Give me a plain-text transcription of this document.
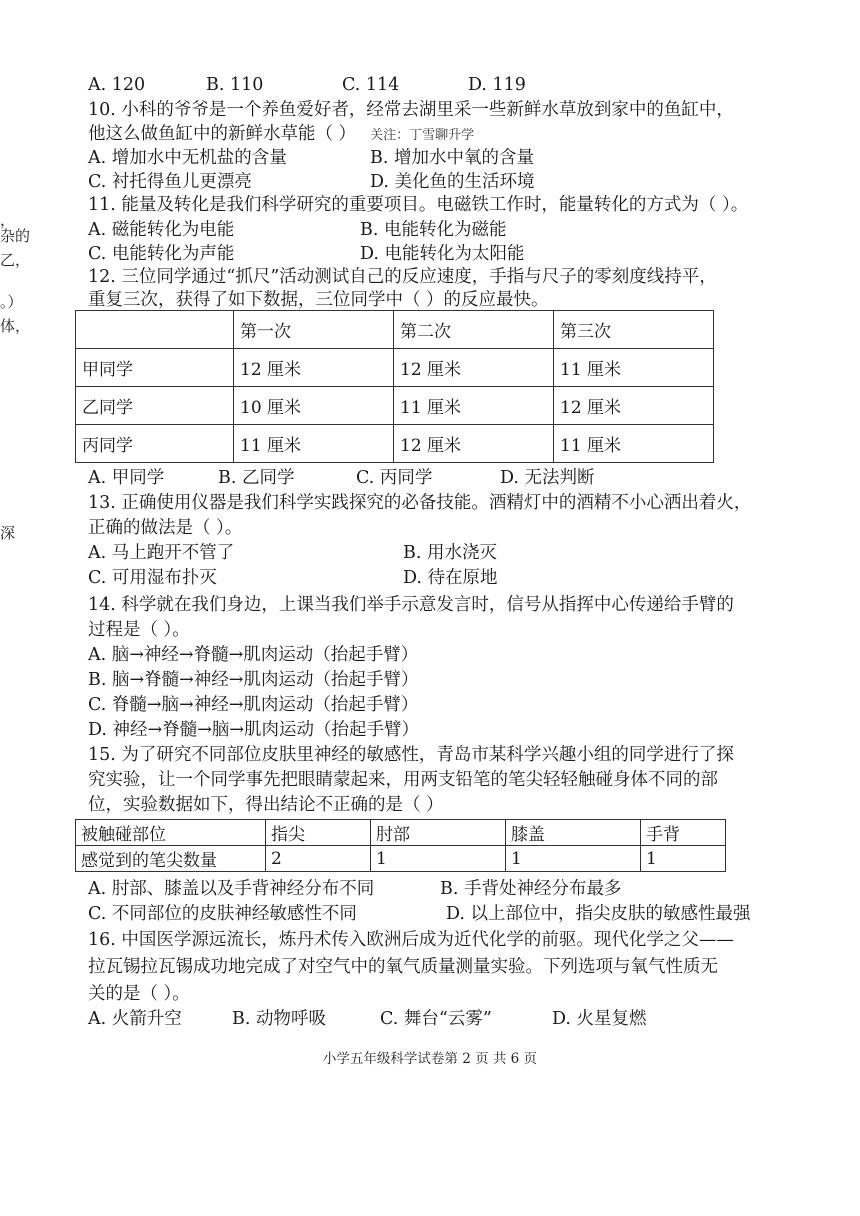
，
杂的
乙，
。）
体，
深
A. 120	B. 110	C. 114	D. 119
10. 小科的爷爷是一个养鱼爱好者，经常去湖里采一些新鲜水草放到家中的鱼缸中，
他这么做鱼缸中的新鲜水草能（ ） 关注：丁雪聊升学
A. 增加水中无机盐的含量	B. 增加水中氧的含量
C. 衬托得鱼儿更漂亮	D. 美化鱼的生活环境
11. 能量及转化是我们科学研究的重要项目。电磁铁工作时，能量转化的方式为（ ）。
A. 磁能转化为电能	B. 电能转化为磁能
C. 电能转化为声能	D. 电能转化为太阳能
12. 三位同学通过“抓尺”活动测试自己的反应速度，手指与尺子的零刻度线持平，
重复三次，获得了如下数据，三位同学中（ ）的反应最快。
	第一次	第二次	第三次
甲同学	12 厘米	12 厘米	11 厘米
乙同学	10 厘米	11 厘米	12 厘米
丙同学	11 厘米	12 厘米	11 厘米
A. 甲同学	B. 乙同学	C. 丙同学	D. 无法判断
13. 正确使用仪器是我们科学实践探究的必备技能。酒精灯中的酒精不小心洒出着火，
正确的做法是（ ）。
A. 马上跑开不管了	B. 用水浇灭
C. 可用湿布扑灭	D. 待在原地
14. 科学就在我们身边，上课当我们举手示意发言时，信号从指挥中心传递给手臂的
过程是（ ）。
A. 脑→神经→脊髓→肌肉运动（抬起手臂）
B. 脑→脊髓→神经→肌肉运动（抬起手臂）
C. 脊髓→脑→神经→肌肉运动（抬起手臂）
D. 神经→脊髓→脑→肌肉运动（抬起手臂）
15. 为了研究不同部位皮肤里神经的敏感性，青岛市某科学兴趣小组的同学进行了探
究实验，让一个同学事先把眼睛蒙起来，用两支铅笔的笔尖轻轻触碰身体不同的部
位，实验数据如下，得出结论不正确的是（ ）
被触碰部位	指尖	肘部	膝盖	手背
感觉到的笔尖数量	2	1	1	1
A. 肘部、膝盖以及手背神经分布不同	B. 手背处神经分布最多
C. 不同部位的皮肤神经敏感性不同	D. 以上部位中，指尖皮肤的敏感性最强
16. 中国医学源远流长，炼丹术传入欧洲后成为近代化学的前驱。现代化学之父——
拉瓦锡拉瓦锡成功地完成了对空气中的氧气质量测量实验。下列选项与氧气性质无
关的是（ ）。
A. 火箭升空	B. 动物呼吸	C. 舞台“云雾”	D. 火星复燃
小学五年级科学试卷第 2 页 共 6 页
